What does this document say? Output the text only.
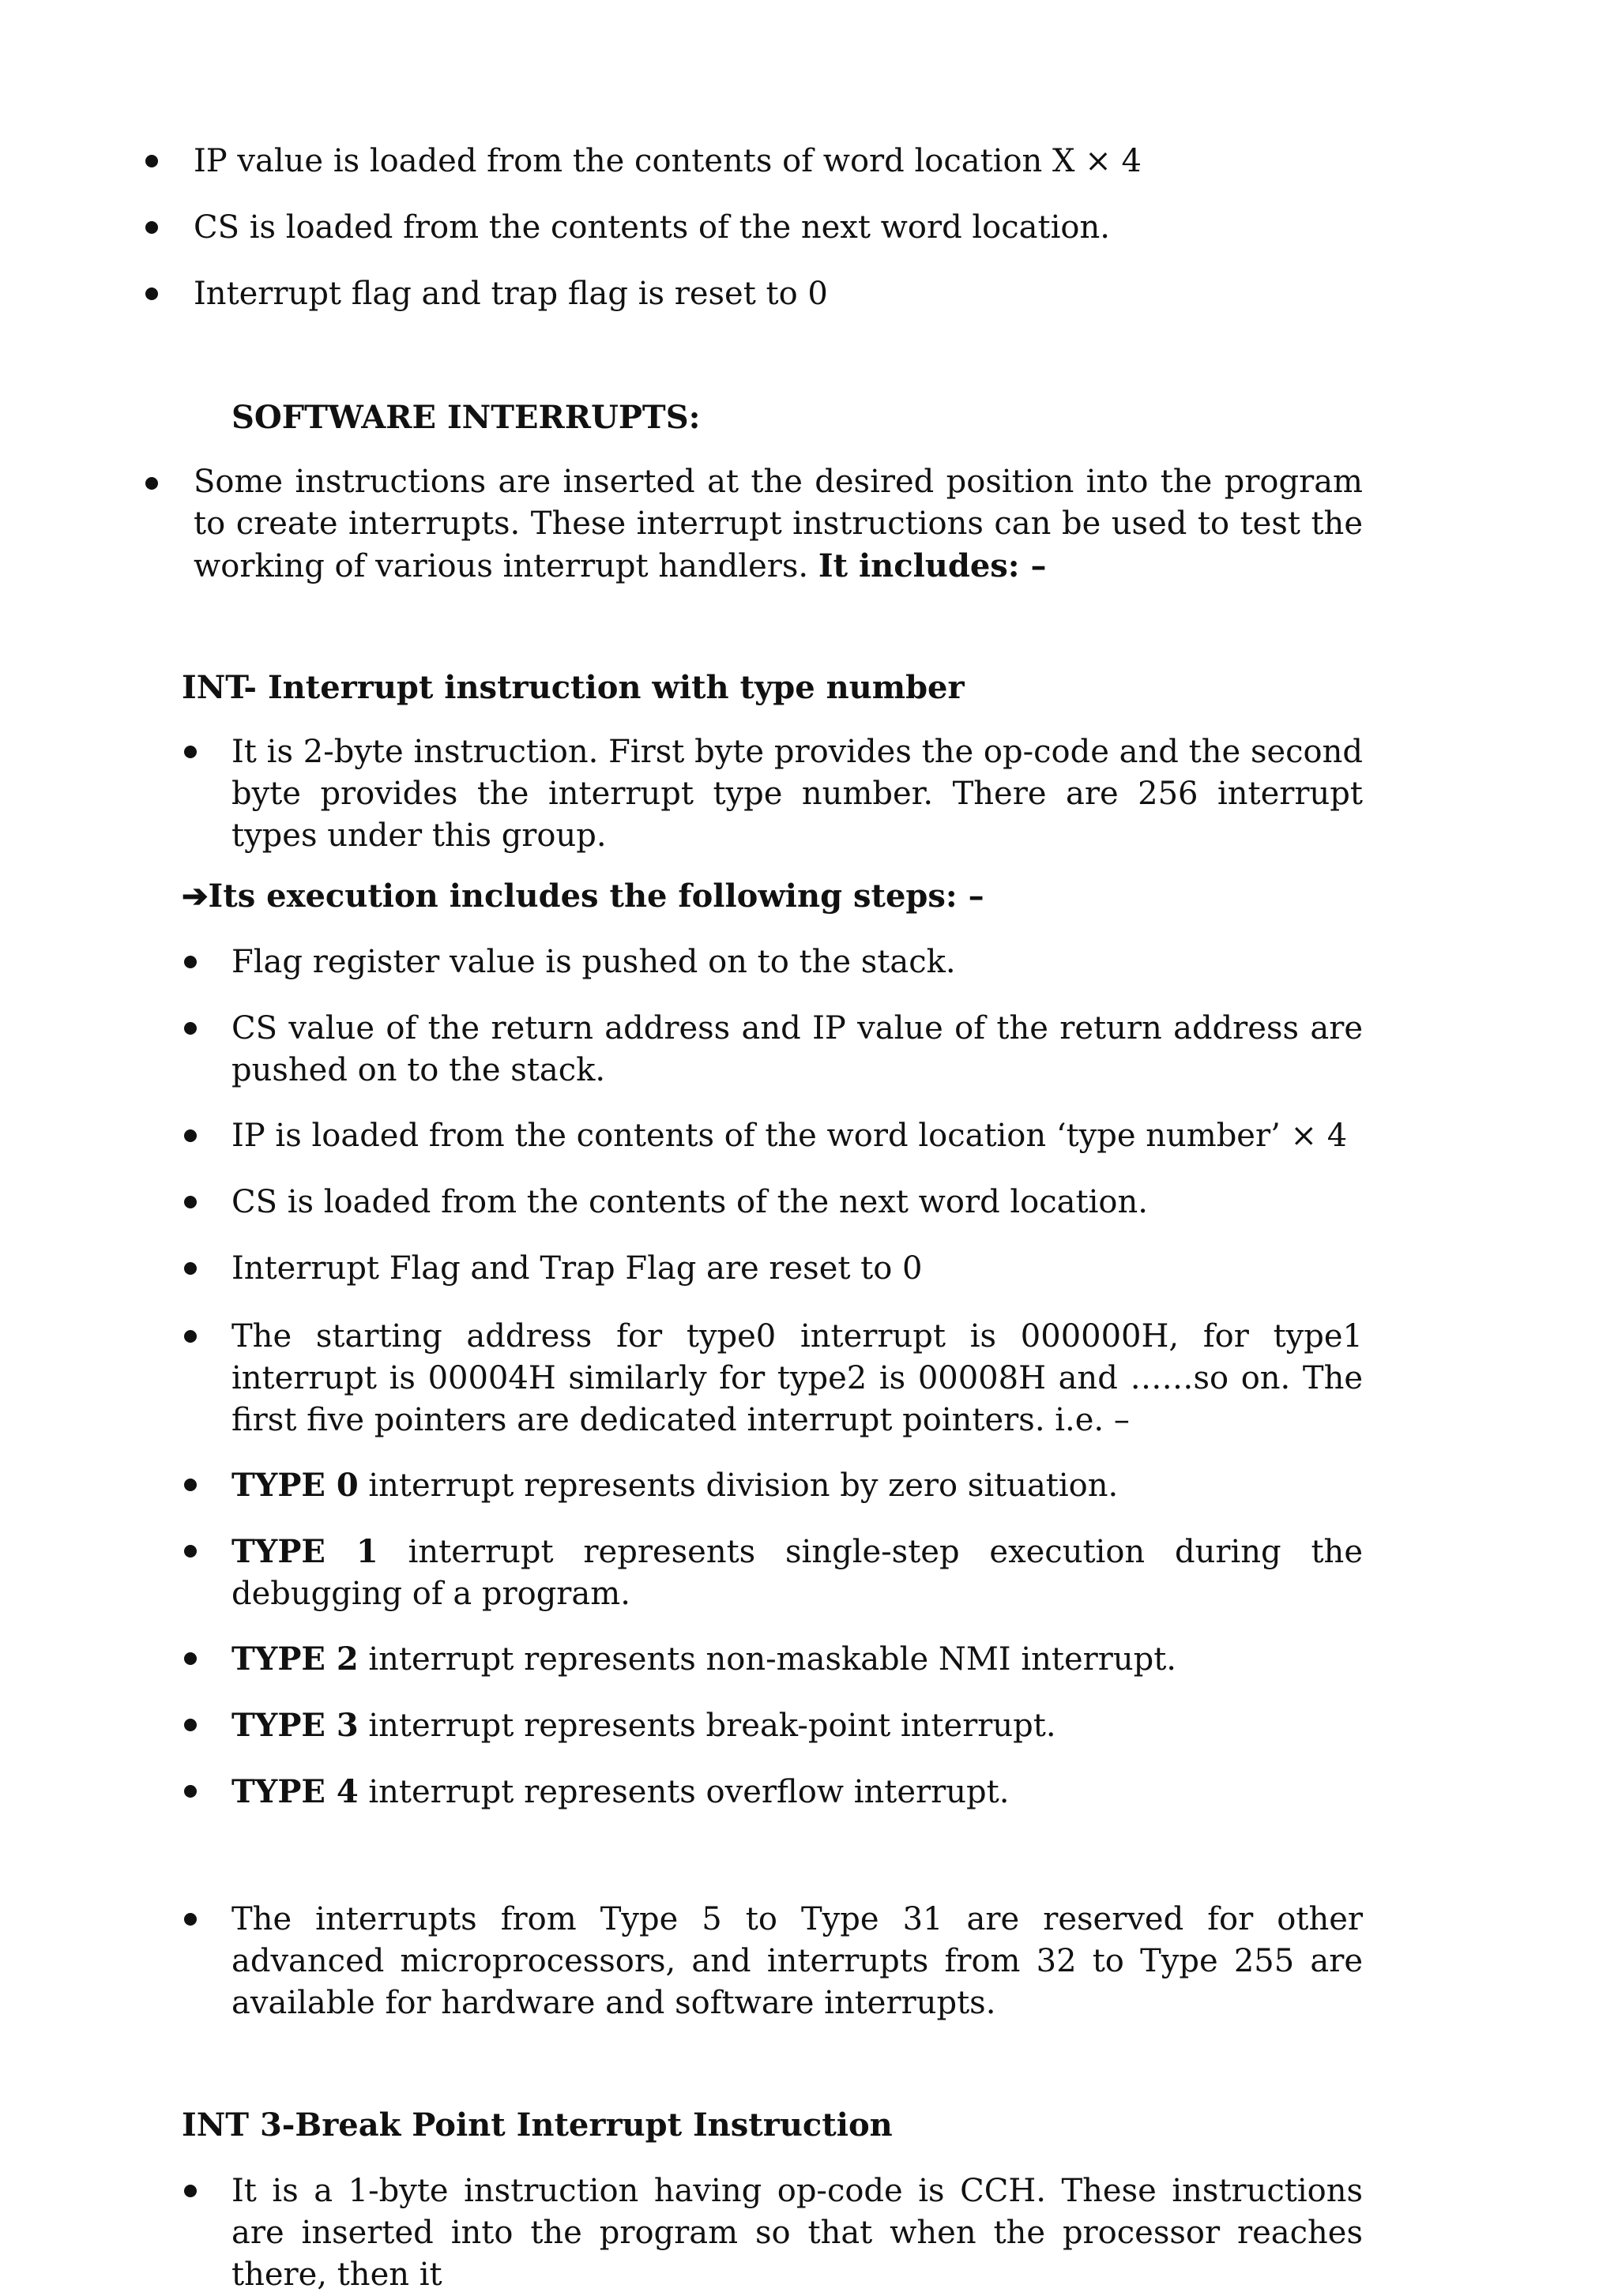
IP value is loaded from the contents of word location X × 4
CS is loaded from the contents of the next word location.
Interrupt flag and trap flag is reset to 0
SOFTWARE INTERRUPTS:
Some instructions are inserted at the desired position into the program to create interrupts. These interrupt instructions can be used to test the working of various interrupt handlers. It includes: –
INT- Interrupt instruction with type number
It is 2-byte instruction. First byte provides the op-code and the second byte provides the interrupt type number. There are 256 interrupt types under this group.
➔Its execution includes the following steps: –
Flag register value is pushed on to the stack.
CS value of the return address and IP value of the return address are pushed on to the stack.
IP is loaded from the contents of the word location ‘type number’ × 4
CS is loaded from the contents of the next word location.
Interrupt Flag and Trap Flag are reset to 0
The starting address for type0 interrupt is 000000H, for type1 interrupt is 00004H similarly for type2 is 00008H and ……so on. The first five pointers are dedicated interrupt pointers. i.e. –
TYPE 0 interrupt represents division by zero situation.
TYPE 1 interrupt represents single-step execution during the debugging of a program.
TYPE 2 interrupt represents non-maskable NMI interrupt.
TYPE 3 interrupt represents break-point interrupt.
TYPE 4 interrupt represents overflow interrupt.
The interrupts from Type 5 to Type 31 are reserved for other advanced microprocessors, and interrupts from 32 to Type 255 are available for hardware and software interrupts.
INT 3-Break Point Interrupt Instruction
It is a 1-byte instruction having op-code is CCH. These instructions are inserted into the program so that when the processor reaches there, then it
